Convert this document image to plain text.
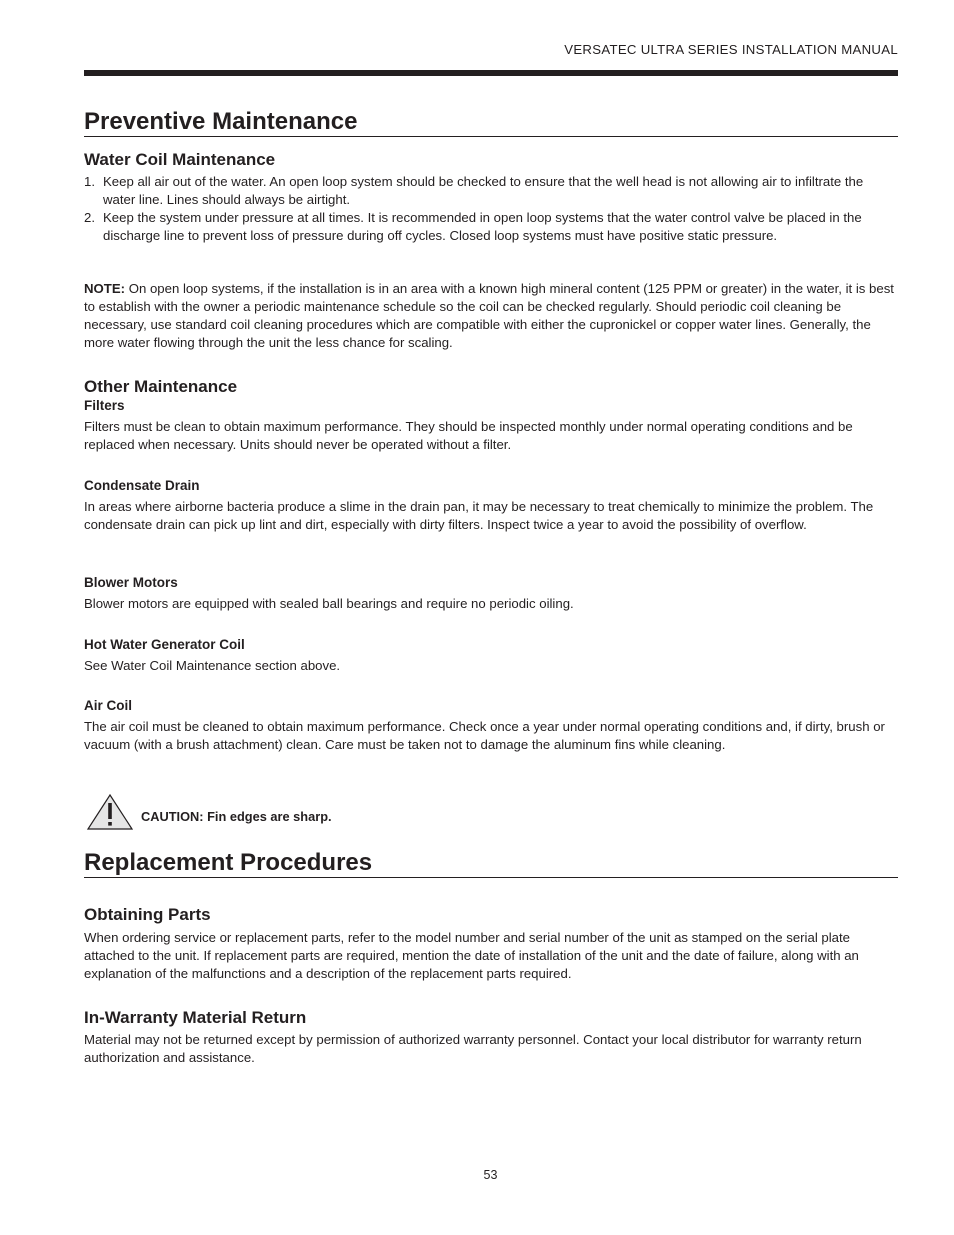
VERSATEC ULTRA SERIES INSTALLATION MANUAL
Preventive Maintenance
Water Coil Maintenance
1. Keep all air out of the water. An open loop system should be checked to ensure that the well head is not allowing air to infiltrate the water line. Lines should always be airtight.
2. Keep the system under pressure at all times. It is recommended in open loop systems that the water control valve be placed in the discharge line to prevent loss of pressure during off cycles. Closed loop systems must have positive static pressure.

NOTE: On open loop systems, if the installation is in an area with a known high mineral content (125 PPM or greater) in the water, it is best to establish with the owner a periodic maintenance schedule so the coil can be checked regularly. Should periodic coil cleaning be necessary, use standard coil cleaning procedures which are compatible with either the cupronickel or copper water lines. Generally, the more water flowing through the unit the less chance for scaling.

Other Maintenance
Filters

Filters must be clean to obtain maximum performance. They should be inspected monthly under normal operating conditions and be replaced when necessary. Units should never be operated without a filter.

Condensate Drain

In areas where airborne bacteria produce a slime in the drain pan, it may be necessary to treat chemically to minimize the problem. The condensate drain can pick up lint and dirt, especially with dirty filters. Inspect twice a year to avoid the possibility of overflow.

Blower Motors

Blower motors are equipped with sealed ball bearings and require no periodic oiling.

Hot Water Generator Coil

See Water Coil Maintenance section above.

Air Coil

The air coil must be cleaned to obtain maximum performance. Check once a year under normal operating conditions and, if dirty, brush or vacuum (with a brush attachment) clean. Care must be taken not to damage the aluminum fins while cleaning.

CAUTION: Fin edges are sharp.
Replacement Procedures
Obtaining Parts

When ordering service or replacement parts, refer to the model number and serial number of the unit as stamped on the serial plate attached to the unit. If replacement parts are required, mention the date of installation of the unit and the date of failure, along with an explanation of the malfunctions and a description of the replacement parts required.

In-Warranty Material Return

Material may not be returned except by permission of authorized warranty personnel. Contact your local distributor for warranty return authorization and assistance.

53
